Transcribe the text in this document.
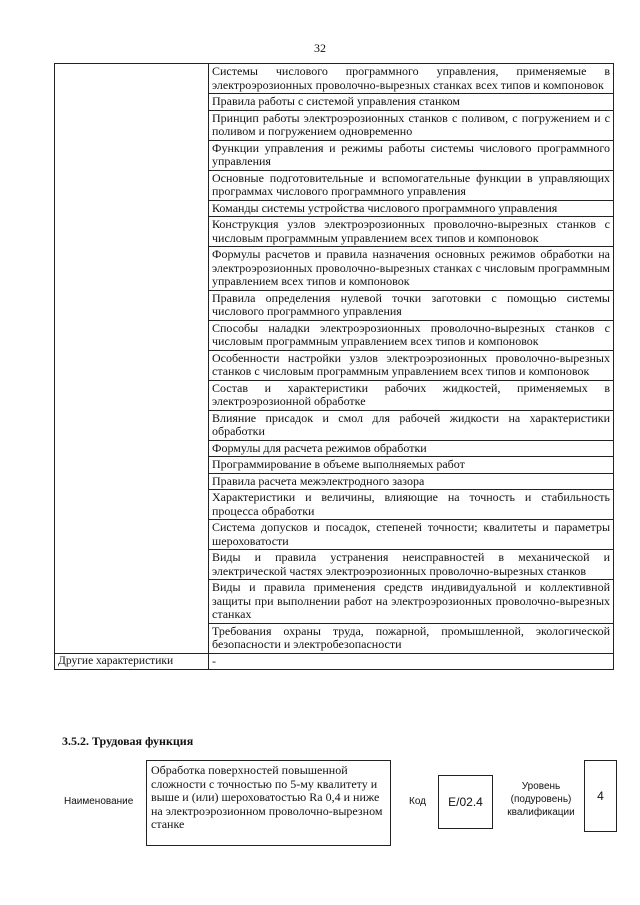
32
	Системы числового программного управления, применяемые в электроэрозионных проволочно-вырезных станках всех типов и компоновок
	Правила работы с системой управления станком
	Принцип работы электроэрозионных станков с поливом, с погружением и с поливом и погружением одновременно
	Функции управления и режимы работы системы числового программного управления
	Основные подготовительные и вспомогательные функции в управляющих программах числового программного управления
	Команды системы устройства числового программного управления
	Конструкция узлов электроэрозионных проволочно-вырезных станков с числовым программным управлением всех типов и компоновок
	Формулы расчетов и правила назначения основных режимов обработки на электроэрозионных проволочно-вырезных станках с числовым программным управлением всех типов и компоновок
	Правила определения нулевой точки заготовки с помощью системы числового программного управления
	Способы наладки электроэрозионных проволочно-вырезных станков с числовым программным управлением всех типов и компоновок
	Особенности настройки узлов электроэрозионных проволочно-вырезных станков с числовым программным управлением всех типов и компоновок
	Состав и характеристики рабочих жидкостей, применяемых в электроэрозионной обработке
	Влияние присадок и смол для рабочей жидкости на характеристики обработки
	Формулы для расчета режимов обработки
	Программирование в объеме выполняемых работ
	Правила расчета межэлектродного зазора
	Характеристики и величины, влияющие на точность и стабильность процесса обработки
	Система допусков и посадок, степеней точности; квалитеты и параметры шероховатости
	Виды и правила устранения неисправностей в механической и электрической частях электроэрозионных проволочно-вырезных станков
	Виды и правила применения средств индивидуальной и коллективной защиты при выполнении работ на электроэрозионных проволочно-вырезных станках
	Требования охраны труда, пожарной, промышленной, экологической безопасности и электробезопасности
Другие характеристики	-
3.5.2. Трудовая функция
Наименование
Обработка поверхностей повышенной сложности с точностью по 5-му квалитету и выше и (или) шероховатостью Ra 0,4 и ниже на электроэрозионном проволочно-вырезном станке
Код	E/02.4
Уровень (подуровень) квалификации
4
